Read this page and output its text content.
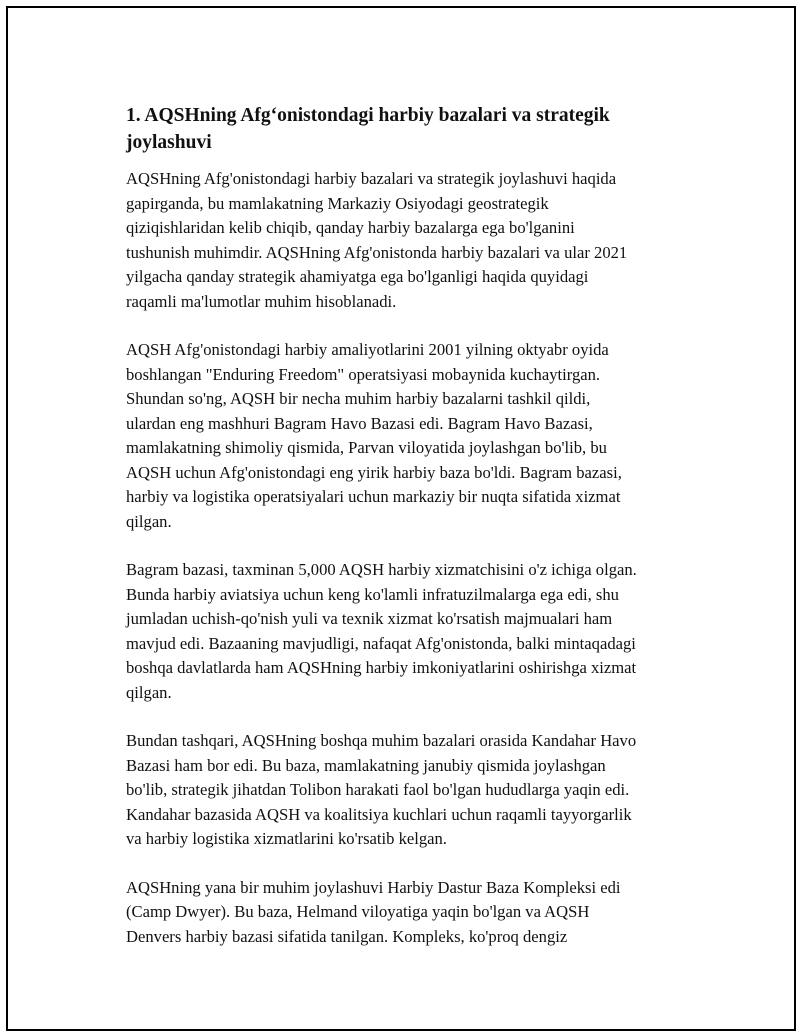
1. AQSHning Afg‘onistondagi harbiy bazalari va strategik
joylashuvi

AQSHning Afg'onistondagi harbiy bazalari va strategik joylashuvi haqida
gapirganda, bu mamlakatning Markaziy Osiyodagi geostrategik
qiziqishlaridan kelib chiqib, qanday harbiy bazalarga ega bo'lganini
tushunish muhimdir. AQSHning Afg'onistonda harbiy bazalari va ular 2021
yilgacha qanday strategik ahamiyatga ega bo'lganligi haqida quyidagi
raqamli ma'lumotlar muhim hisoblanadi.

AQSH Afg'onistondagi harbiy amaliyotlarini 2001 yilning oktyabr oyida
boshlangan "Enduring Freedom" operatsiyasi mobaynida kuchaytirgan.
Shundan so'ng, AQSH bir necha muhim harbiy bazalarni tashkil qildi,
ulardan eng mashhuri Bagram Havo Bazasi edi. Bagram Havo Bazasi,
mamlakatning shimoliy qismida, Parvan viloyatida joylashgan bo'lib, bu
AQSH uchun Afg'onistondagi eng yirik harbiy baza bo'ldi. Bagram bazasi,
harbiy va logistika operatsiyalari uchun markaziy bir nuqta sifatida xizmat
qilgan.

Bagram bazasi, taxminan 5,000 AQSH harbiy xizmatchisini o'z ichiga olgan.
Bunda harbiy aviatsiya uchun keng ko'lamli infratuzilmalarga ega edi, shu
jumladan uchish-qo'nish yuli va texnik xizmat ko'rsatish majmualari ham
mavjud edi. Bazaaning mavjudligi, nafaqat Afg'onistonda, balki mintaqadagi
boshqa davlatlarda ham AQSHning harbiy imkoniyatlarini oshirishga xizmat
qilgan.

Bundan tashqari, AQSHning boshqa muhim bazalari orasida Kandahar Havo
Bazasi ham bor edi. Bu baza, mamlakatning janubiy qismida joylashgan
bo'lib, strategik jihatdan Tolibon harakati faol bo'lgan hududlarga yaqin edi.
Kandahar bazasida AQSH va koalitsiya kuchlari uchun raqamli tayyorgarlik
va harbiy logistika xizmatlarini ko'rsatib kelgan.

AQSHning yana bir muhim joylashuvi Harbiy Dastur Baza Kompleksi edi
(Camp Dwyer). Bu baza, Helmand viloyatiga yaqin bo'lgan va AQSH
Denvers harbiy bazasi sifatida tanilgan. Kompleks, ko'proq dengiz
